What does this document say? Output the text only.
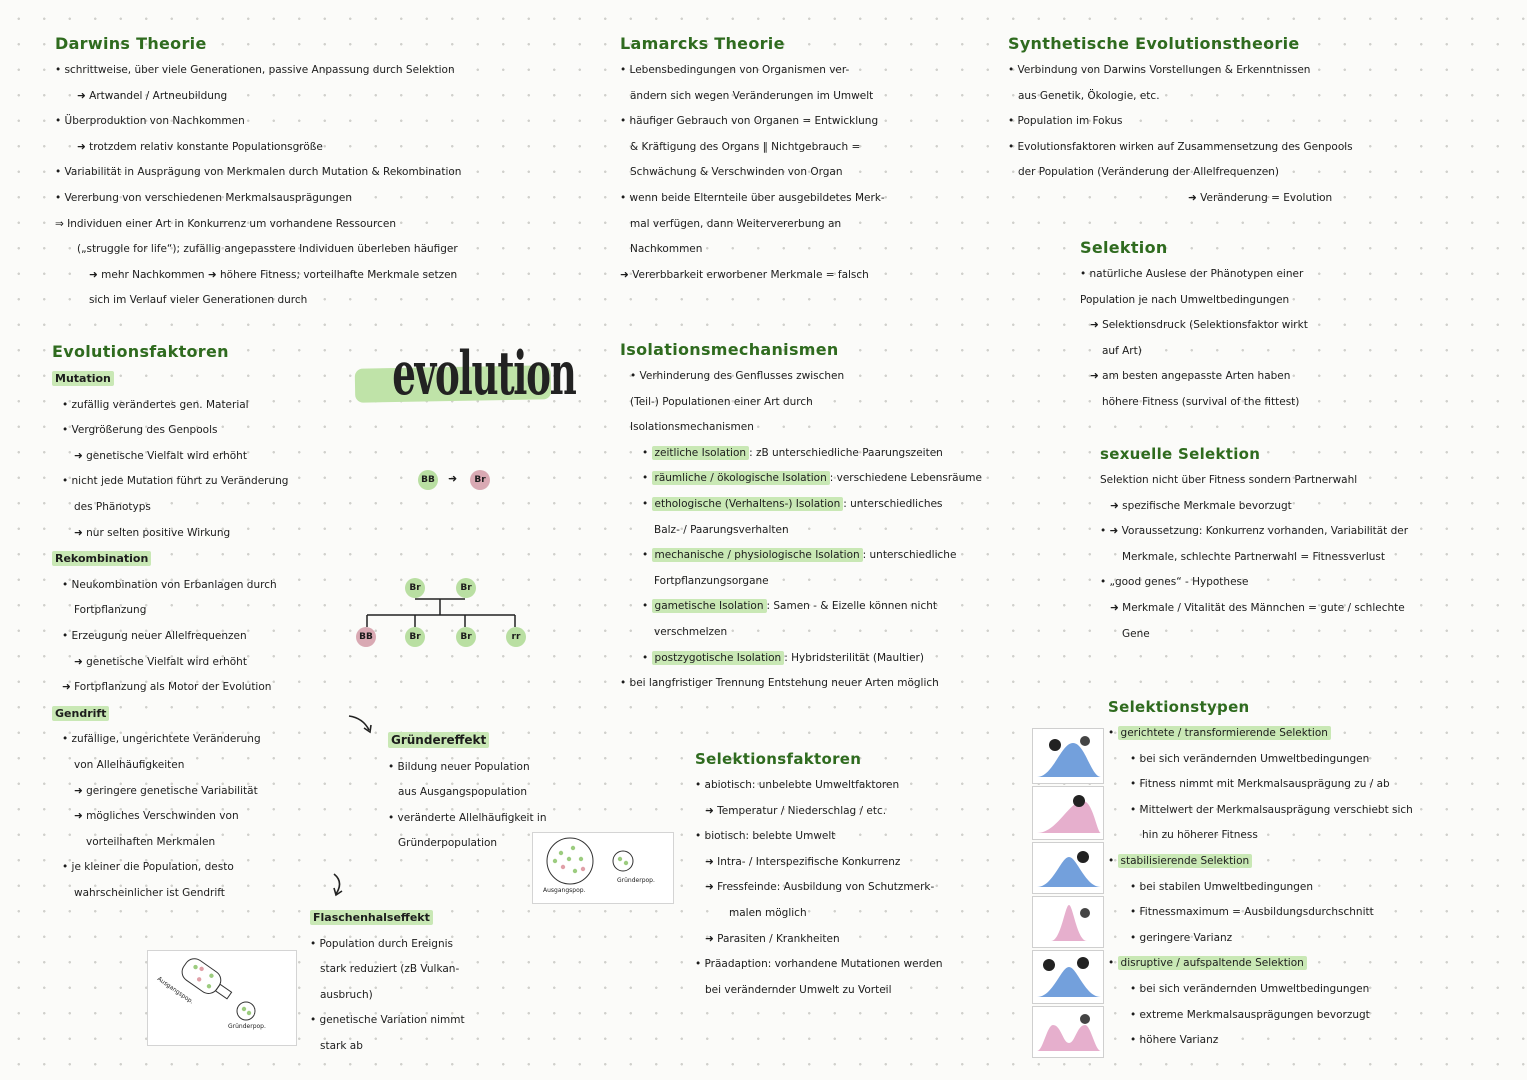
Darwins Theorie
• schrittweise, über viele Generationen, passive Anpassung durch Selektion
➜ Artwandel / Artneubildung
• Überproduktion von Nachkommen
➜ trotzdem relativ konstante Populationsgröße
• Variabilität in Ausprägung von Merkmalen durch Mutation & Rekombination
• Vererbung von verschiedenen Merkmalsausprägungen
⇒ Individuen einer Art in Konkurrenz um vorhandene Ressourcen
(„struggle for life“); zufällig angepasstere Individuen überleben häufiger
➜ mehr Nachkommen ➜ höhere Fitness; vorteilhafte Merkmale setzen
sich im Verlauf vieler Generationen durch
Lamarcks Theorie
• Lebensbedingungen von Organismen ver-
ändern sich wegen Veränderungen im Umwelt
• häufiger Gebrauch von Organen = Entwicklung
& Kräftigung des Organs ‖ Nichtgebrauch =
Schwächung & Verschwinden von Organ
• wenn beide Elternteile über ausgebildetes Merk-
mal verfügen, dann Weitervererbung an
Nachkommen
➜ Vererbbarkeit erworbener Merkmale = falsch
Synthetische Evolutionstheorie
• Verbindung von Darwins Vorstellungen & Erkenntnissen
aus Genetik, Ökologie, etc.
• Population im Fokus
• Evolutionsfaktoren wirken auf Zusammensetzung des Genpools
der Population (Veränderung der Allelfrequenzen)
➜ Veränderung = Evolution
Selektion
• natürliche Auslese der Phänotypen einer
Population je nach Umweltbedingungen
➜ Selektionsdruck (Selektionsfaktor wirkt
auf Art)
➜ am besten angepasste Arten haben
höhere Fitness (survival of the fittest)
sexuelle Selektion
Selektion nicht über Fitness sondern Partnerwahl
➜ spezifische Merkmale bevorzugt
• ➜ Voraussetzung: Konkurrenz vorhanden, Variabilität der
Merkmale, schlechte Partnerwahl = Fitnessverlust
• „good genes“ - Hypothese
➜ Merkmale / Vitalität des Männchen = gute / schlechte
Gene
evolution
Evolutionsfaktoren
Mutation
• zufällig verändertes gen. Material
• Vergrößerung des Genpools
➜ genetische Vielfalt wird erhöht
• nicht jede Mutation führt zu Veränderung
des Phänotyps
➜ nur selten positive Wirkung
Rekombination
• Neukombination von Erbanlagen durch
Fortpflanzung
• Erzeugung neuer Allelfrequenzen
➜ genetische Vielfalt wird erhöht
➜ Fortpflanzung als Motor der Evolution
Gendrift
• zufällige, ungerichtete Veränderung
von Allelhäufigkeiten
➜ geringere genetische Variabilität
➜ mögliches Verschwinden von
vorteilhaften Merkmalen
• je kleiner die Population, desto
wahrscheinlicher ist Gendrift
BB ➜	Br
Br	Br
BB	Br	Br	rr
Gründereffekt
• Bildung neuer Population
aus Ausgangspopulation
• veränderte Allelhäufigkeit in
Gründerpopulation
Ausgangspop.
Gründerpop.
Flaschenhalseffekt
• Population durch Ereignis
stark reduziert (zB Vulkan-
ausbruch)
• genetische Variation nimmt
stark ab
Ausgangspop.
Gründerpop.
Isolationsmechanismen
• Verhinderung des Genflusses zwischen
(Teil-) Populationen einer Art durch
Isolationsmechanismen
• zeitliche Isolation : zB unterschiedliche Paarungszeiten
• räumliche / ökologische Isolation : verschiedene Lebensräume
• ethologische (Verhaltens-) Isolation : unterschiedliches
Balz- / Paarungsverhalten
• mechanische / physiologische Isolation : unterschiedliche
Fortpflanzungsorgane
• gametische Isolation : Samen - & Eizelle können nicht
verschmelzen
• postzygotische Isolation : Hybridsterilität (Maultier)
• bei langfristiger Trennung Entstehung neuer Arten möglich
Selektionsfaktoren
• abiotisch: unbelebte Umweltfaktoren
➜ Temperatur / Niederschlag / etc.
• biotisch: belebte Umwelt
➜ Intra- / Interspezifische Konkurrenz
➜ Fressfeinde: Ausbildung von Schutzmerk-
malen möglich
➜ Parasiten / Krankheiten
• Präadaption: vorhandene Mutationen werden
bei verändernder Umwelt zu Vorteil
Selektionstypen
• gerichtete / transformierende Selektion
• bei sich verändernden Umweltbedingungen
• Fitness nimmt mit Merkmalsausprägung zu / ab
• Mittelwert der Merkmalsausprägung verschiebt sich
hin zu höherer Fitness
• stabilisierende Selektion
• bei stabilen Umweltbedingungen
• Fitnessmaximum = Ausbildungsdurchschnitt
• geringere Varianz
• disruptive / aufspaltende Selektion
• bei sich verändernden Umweltbedingungen
• extreme Merkmalsausprägungen bevorzugt
• höhere Varianz
